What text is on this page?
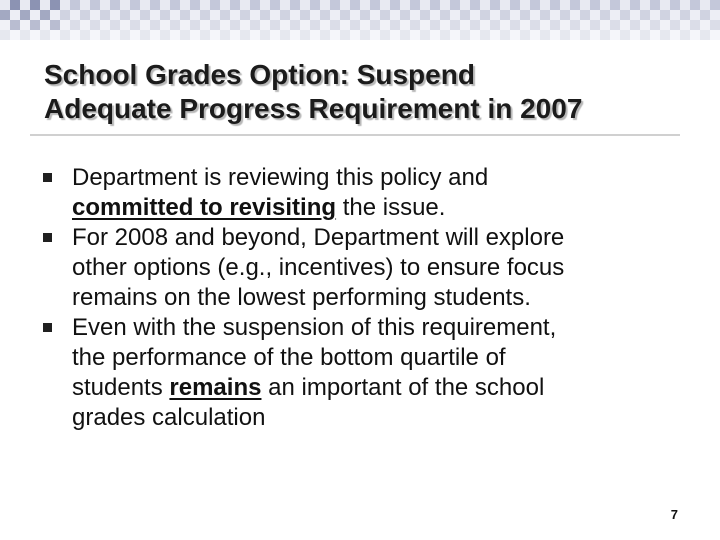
School Grades Option: Suspend
Adequate Progress Requirement in 2007
Department is reviewing this policy and
committed to revisiting the issue.
For 2008 and beyond, Department will explore
other options (e.g., incentives) to ensure focus
remains on the lowest performing students.
Even with the suspension of this requirement,
the performance of the bottom quartile of
students remains an important of the school
grades calculation
7
